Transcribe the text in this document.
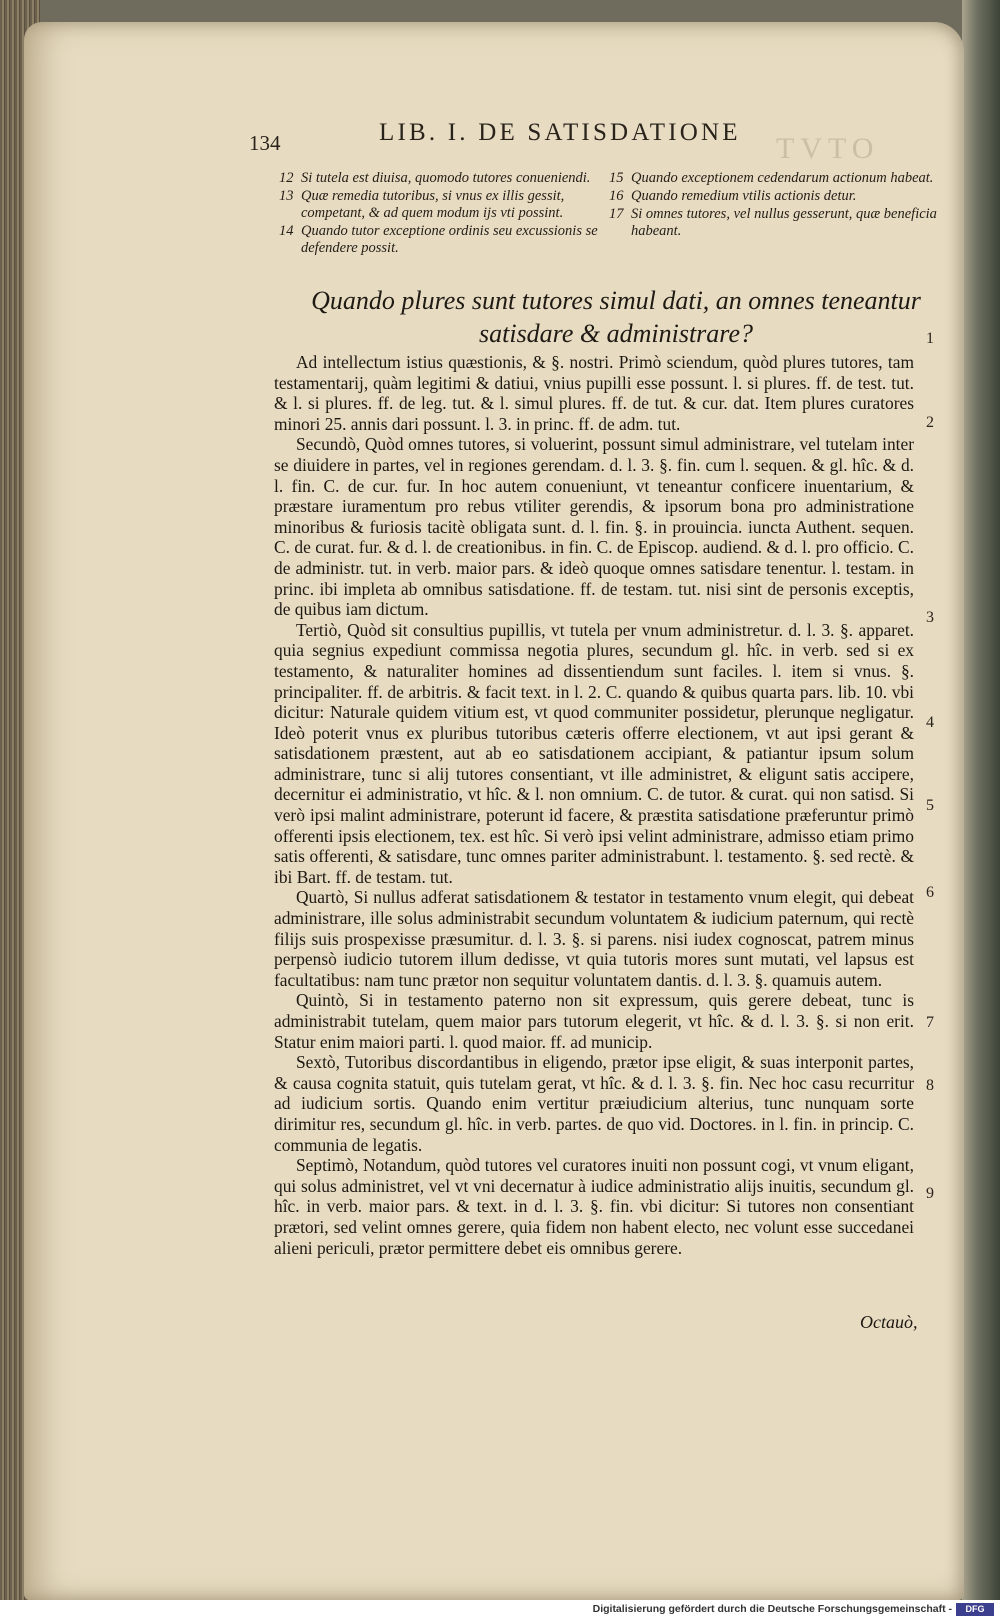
134	LIB. I. DE SATISDATIONE TVTO
12 Si tutela est diuisa, quomodo tutores conueniendi.
13 Quæ remedia tutoribus, si vnus ex illis gessit, competant, & ad quem modum ijs vti possint.
14 Quando tutor exceptione ordinis seu excussionis se defendere possit.
15 Quando exceptionem cedendarum actionum habeat.
16 Quando remedium vtilis actionis detur.
17 Si omnes tutores, vel nullus gesserunt, quæ beneficia habeant.
Quando plures sunt tutores simul dati, an omnes teneantur
satisdare & administrare?

Ad intellectum istius quæstionis, & §. nostri. Primò sciendum, quòd plures tutores, tam testamentarij, quàm legitimi & datiui, vnius pupilli esse possunt. l. si plures. ff. de test. tut. & l. si plures. ff. de leg. tut. & l. simul plures. ff. de tut. & cur. dat. Item plures curatores minori 25. annis dari possunt. l. 3. in princ. ff. de adm. tut.

Secundò, Quòd omnes tutores, si voluerint, possunt simul administrare, vel tutelam inter se diuidere in partes, vel in regiones gerendam. d. l. 3. §. fin. cum l. sequen. & gl. hîc. & d. l. fin. C. de cur. fur. In hoc autem conueniunt, vt teneantur conficere inuentarium, & præstare iuramentum pro rebus vtiliter gerendis, & ipsorum bona pro administratione minoribus & furiosis tacitè obligata sunt. d. l. fin. §. in prouincia. iuncta Authent. sequen. C. de curat. fur. & d. l. de creationibus. in fin. C. de Episcop. audiend. & d. l. pro officio. C. de administr. tut. in verb. maior pars. & ideò quoque omnes satisdare tenentur. l. testam. in princ. ibi impleta ab omnibus satisdatione. ff. de testam. tut. nisi sint de personis exceptis, de quibus iam dictum.

Tertiò, Quòd sit consultius pupillis, vt tutela per vnum administretur. d. l. 3. §. apparet. quia segnius expediunt commissa negotia plures, secundum gl. hîc. in verb. sed si ex testamento, & naturaliter homines ad dissentiendum sunt faciles. l. item si vnus. §. principaliter. ff. de arbitris. & facit text. in l. 2. C. quando & quibus quarta pars. lib. 10. vbi dicitur: Naturale quidem vitium est, vt quod communiter possidetur, plerunque negligatur. Ideò poterit vnus ex pluribus tutoribus cæteris offerre electionem, vt aut ipsi gerant & satisdationem præstent, aut ab eo satisdationem accipiant, & patiantur ipsum solum administrare, tunc si alij tutores consentiant, vt ille administret, & eligunt satis accipere, decernitur ei administratio, vt hîc. & l. non omnium. C. de tutor. & curat. qui non satisd. Si verò ipsi malint administrare, poterunt id facere, & præstita satisdatione præferuntur primò offerenti ipsis electionem, tex. est hîc. Si verò ipsi velint administrare, admisso etiam primo satis offerenti, & satisdare, tunc omnes pariter administrabunt. l. testamento. §. sed rectè. & ibi Bart. ff. de testam. tut.

Quartò, Si nullus adferat satisdationem & testator in testamento vnum elegit, qui debeat administrare, ille solus administrabit secundum voluntatem & iudicium paternum, qui rectè filijs suis prospexisse præsumitur. d. l. 3. §. si parens. nisi iudex cognoscat, patrem minus perpensò iudicio tutorem illum dedisse, vt quia tutoris mores sunt mutati, vel lapsus est facultatibus: nam tunc prætor non sequitur voluntatem dantis. d. l. 3. §. quamuis autem.

Quintò, Si in testamento paterno non sit expressum, quis gerere debeat, tunc is administrabit tutelam, quem maior pars tutorum elegerit, vt hîc. & d. l. 3. §. si non erit. Statur enim maiori parti. l. quod maior. ff. ad municip.

Sextò, Tutoribus discordantibus in eligendo, prætor ipse eligit, & suas interponit partes, & causa cognita statuit, quis tutelam gerat, vt hîc. & d. l. 3. §. fin. Nec hoc casu recurritur ad iudicium sortis. Quando enim vertitur præiudicium alterius, tunc nunquam sorte dirimitur res, secundum gl. hîc. in verb. partes. de quo vid. Doctores. in l. fin. in princip. C. communia de legatis.

Septimò, Notandum, quòd tutores vel curatores inuiti non possunt cogi, vt vnum eligant, qui solus administret, vel vt vni decernatur à iudice administratio alijs inuitis, secundum gl. hîc. in verb. maior pars. & text. in d. l. 3. §. fin. vbi dicitur: Si tutores non consentiant prætori, sed velint omnes gerere, quia fidem non habent electo, nec volunt esse succedanei alieni periculi, prætor permittere debet eis omnibus gerere.

1
2
3
4
5
6
7
8
9
Octauò,
Digitalisierung gefördert durch die Deutsche Forschungsgemeinschaft -	DFG
